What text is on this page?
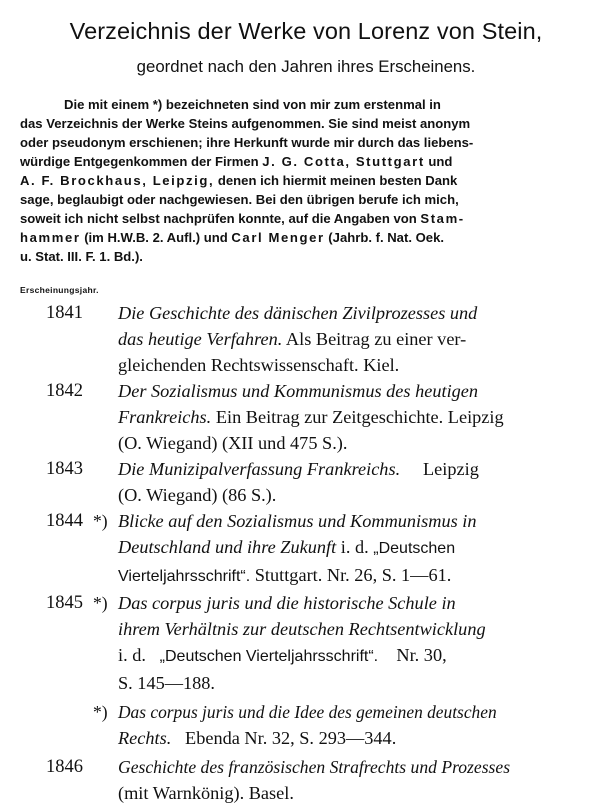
Verzeichnis der Werke von Lorenz von Stein,
geordnet nach den Jahren ihres Erscheinens.
Die mit einem *) bezeichneten sind von mir zum erstenmal in
das Verzeichnis der Werke Steins aufgenommen. Sie sind meist anonym
oder pseudonym erschienen; ihre Herkunft wurde mir durch das liebens-
würdige Entgegenkommen der Firmen J. G. Cotta, Stuttgart und
A. F. Brockhaus, Leipzig, denen ich hiermit meinen besten Dank
sage, beglaubigt oder nachgewiesen. Bei den übrigen berufe ich mich,
soweit ich nicht selbst nachprüfen konnte, auf die Angaben von Stam-
hammer (im H.W.B. 2. Aufl.) und Carl Menger (Jahrb. f. Nat. Oek.
u. Stat. III. F. 1. Bd.).
Erscheinungsjahr.
1841 Die Geschichte des dänischen Zivilprozesses und
das heutige Verfahren. Als Beitrag zu einer ver-
gleichenden Rechtswissenschaft. Kiel.
1842 Der Sozialismus und Kommunismus des heutigen
Frankreichs. Ein Beitrag zur Zeitgeschichte. Leipzig
(O. Wiegand) (XII und 475 S.).
1843 Die Munizipalverfassung Frankreichs. Leipzig
(O. Wiegand) (86 S.).
1844 *) Blicke auf den Sozialismus und Kommunismus in
Deutschland und ihre Zukunft i. d. „Deutschen
Vierteljahrsschrift“. Stuttgart. Nr. 26, S. 1—61.
1845 *) Das corpus juris und die historische Schule in
ihrem Verhältnis zur deutschen Rechtsentwicklung
i. d. „Deutschen Vierteljahrsschrift“. Nr. 30,
S. 145—188.
*) Das corpus juris und die Idee des gemeinen deutschen
Rechts. Ebenda Nr. 32, S. 293—344.
1846 Geschichte des französischen Strafrechts und Prozesses
(mit Warnkönig). Basel.
